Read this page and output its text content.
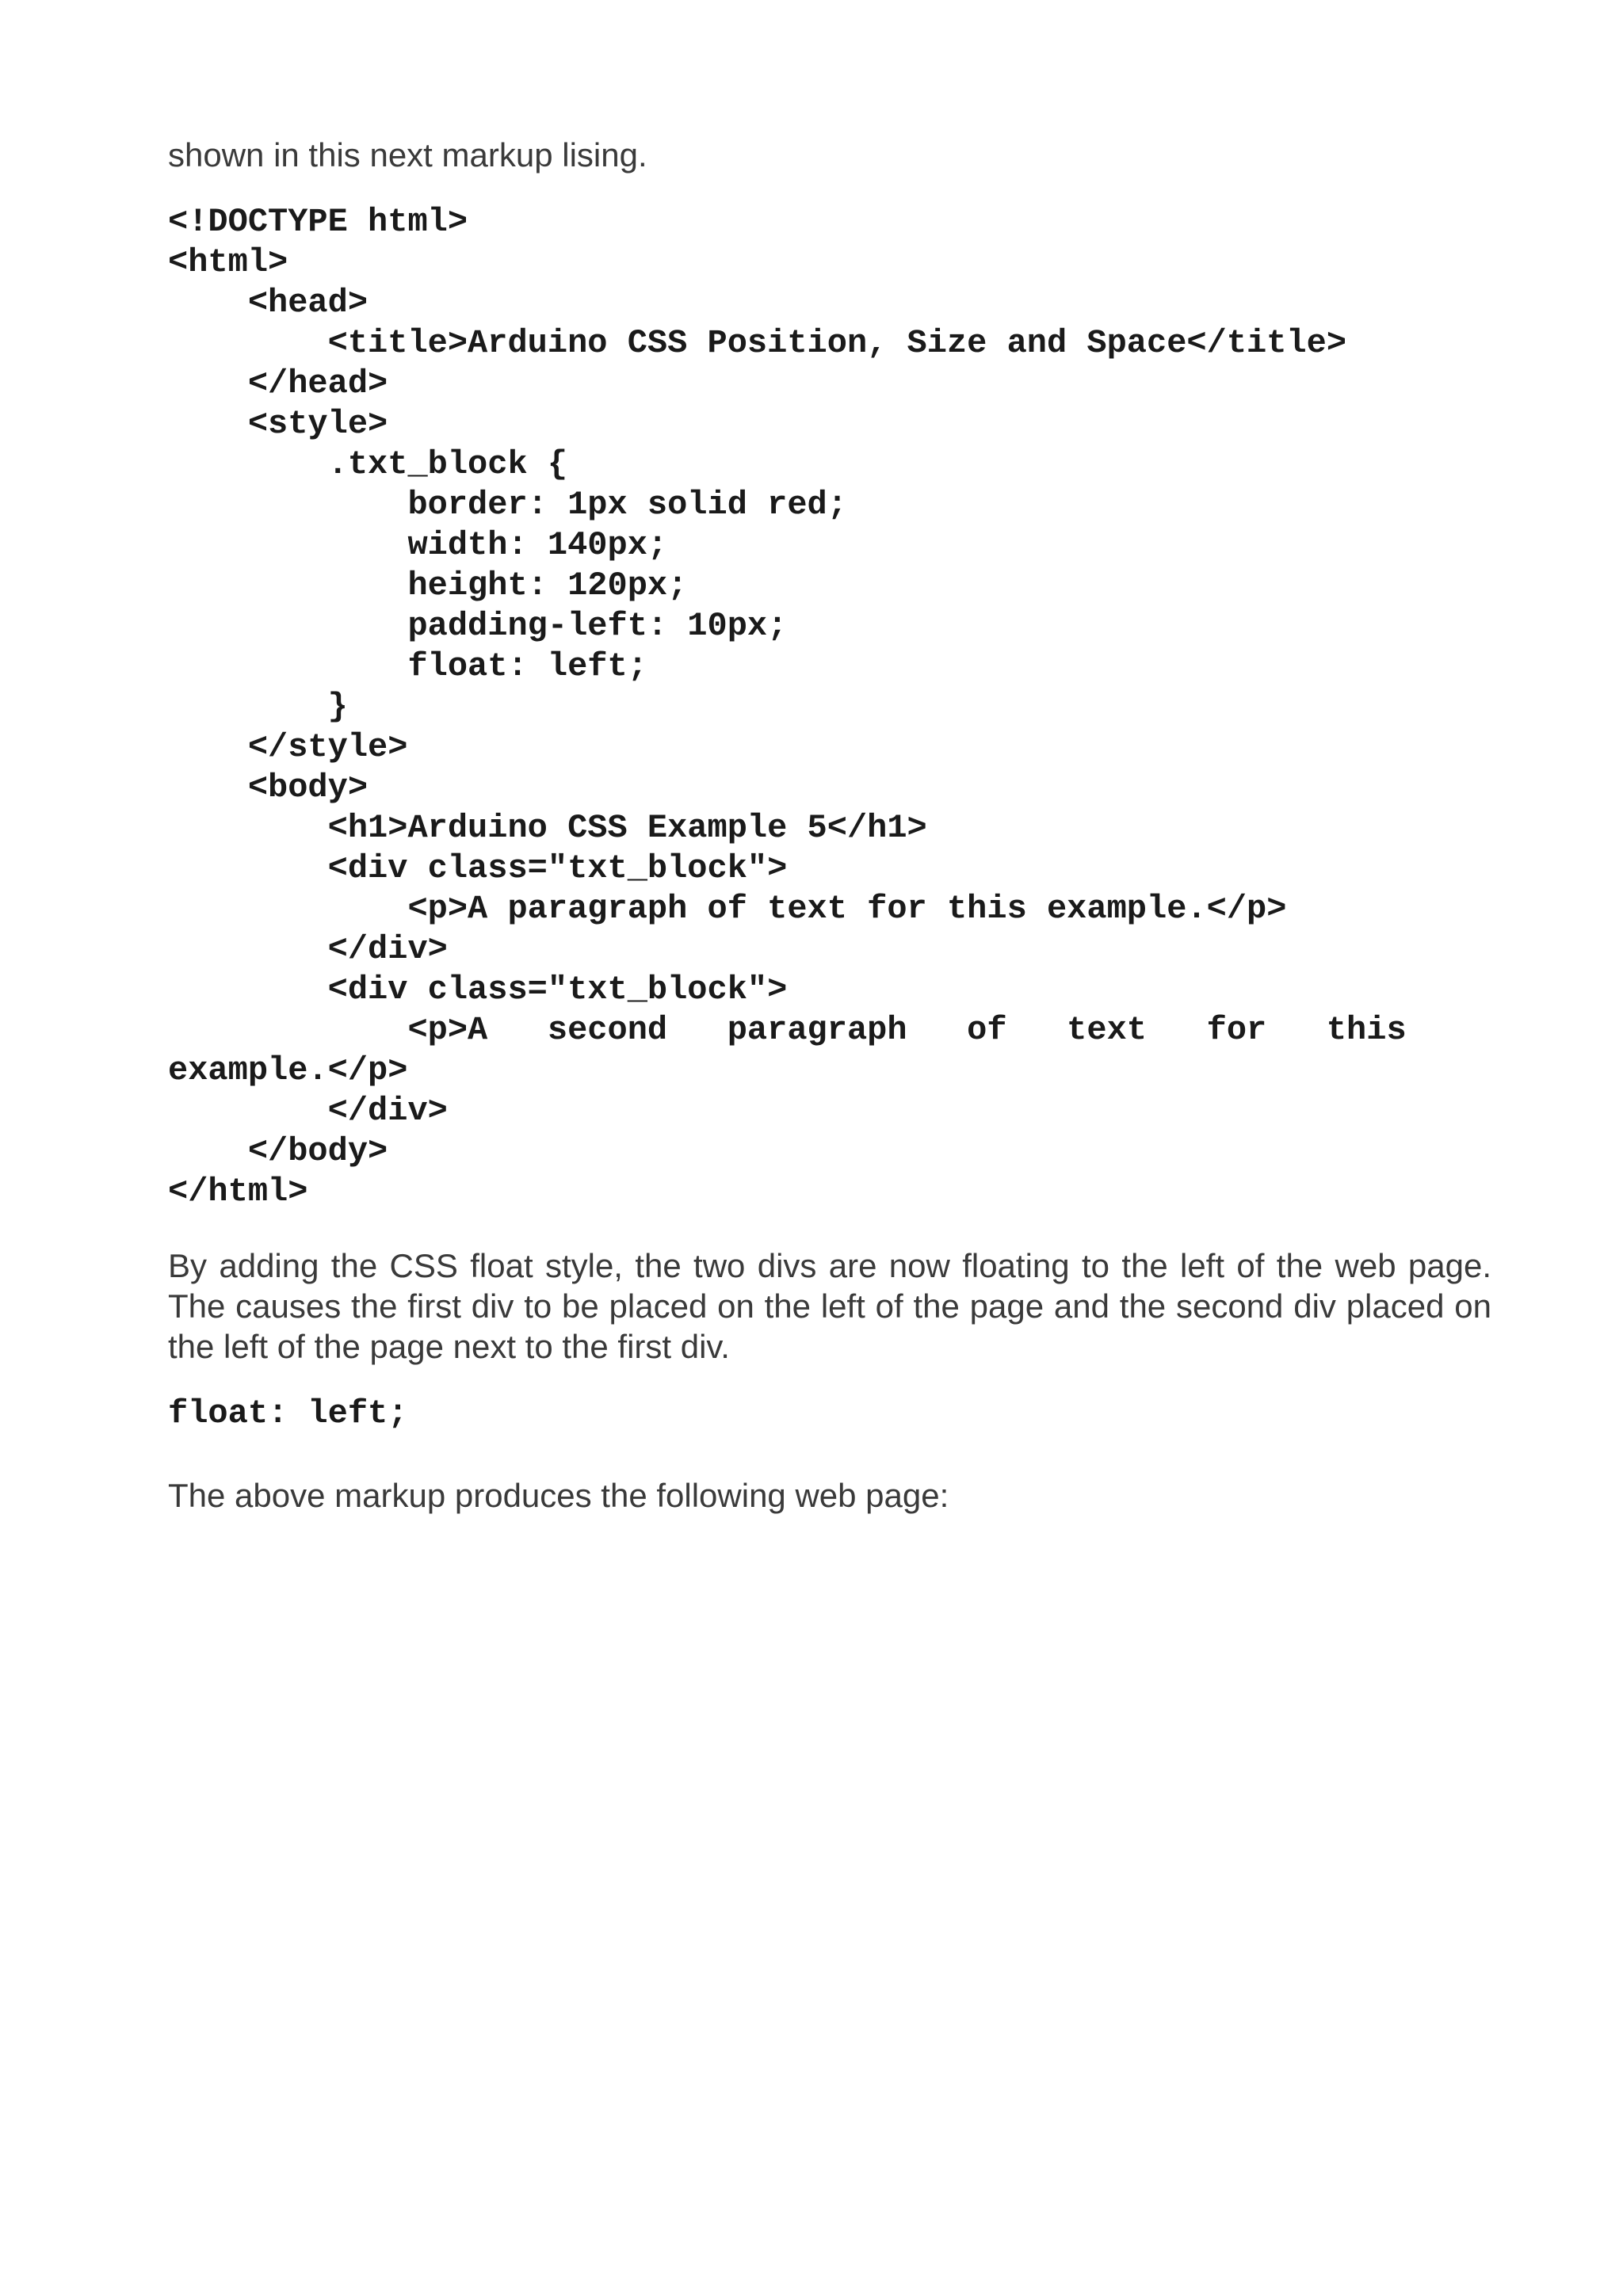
shown in this next markup lising.

<!DOCTYPE html>
<html>
<head>
<title>Arduino CSS Position, Size and Space</title>
</head>
<style>
.txt_block {
border: 1px solid red;
width: 140px;
height: 120px;
padding-left: 10px;
float: left;
}
</style>
<body>
<h1>Arduino CSS Example 5</h1>
<div class="txt_block">
<p>A paragraph of text for this example.</p>
</div>
<div class="txt_block">
<p>A   second   paragraph   of   text   for   this
example.</p>
</div>
</body>
</html>

By adding the CSS float style, the two divs are now floating to the left of the web page. The causes the first div to be placed on the left of the page and the second div placed on the left of the page next to the first div.

float: left;

The above markup produces the following web page:
